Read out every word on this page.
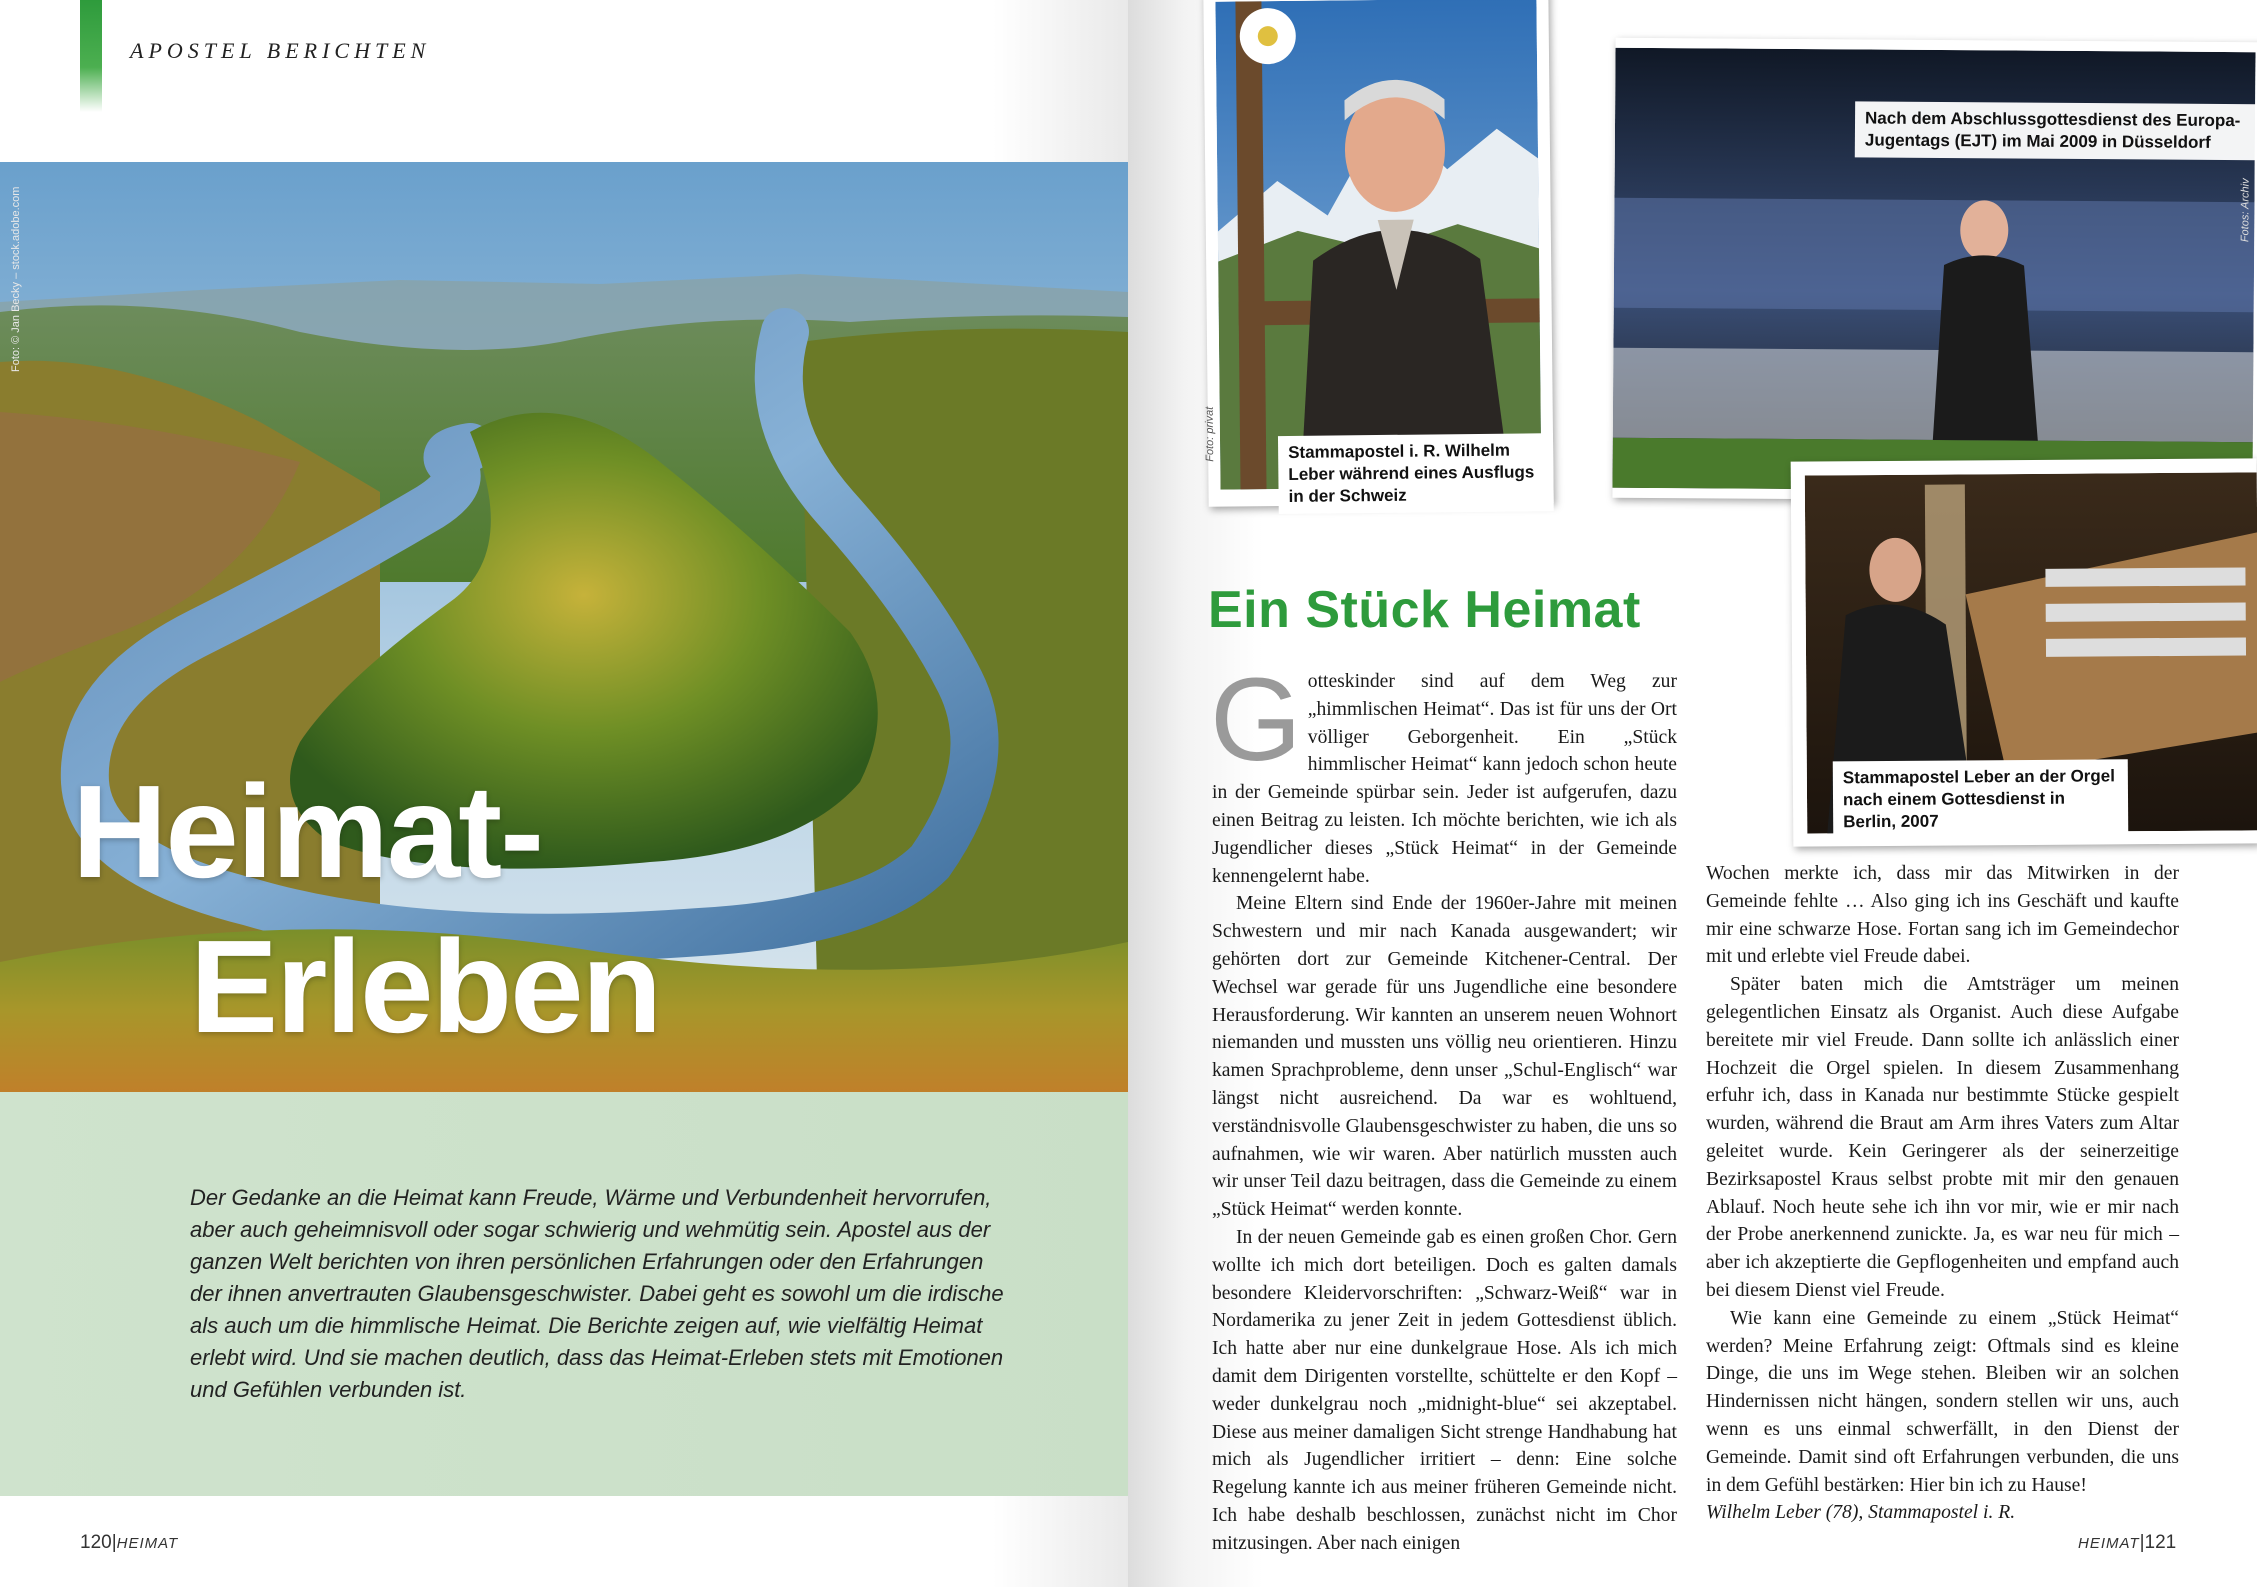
APOSTEL BERICHTEN
Foto: © Jan Becky – stock.adobe.com
Heimat-
Erleben

Der Gedanke an die Heimat kann Freude, Wärme und Verbundenheit hervorrufen, aber auch geheimnisvoll oder sogar schwierig und wehmütig sein. Apostel aus der ganzen Welt berichten von ihren persönlichen Erfahrungen oder den Erfahrungen der ihnen anvertrauten Glaubensgeschwister. Dabei geht es sowohl um die irdische als auch um die himmlische Heimat. Die Berichte zeigen auf, wie vielfältig Heimat erlebt wird. Und sie machen deutlich, dass das Heimat-Erleben stets mit Emotionen und Gefühlen verbunden ist.

120|HEIMAT
Foto: privat	Stammapostel i. R. Wilhelm Leber während eines Ausflugs in der Schweiz

Nach dem Abschlussgottesdienst des Europa-Jugentags (EJT) im Mai 2009 in Düsseldorf

Fotos: Archiv

Stammapostel Leber an der Orgel nach einem Gottesdienst in Berlin, 2007

Ein Stück Heimat

Gotteskinder sind auf dem Weg zur „himmlischen Heimat“. Das ist für uns der Ort völliger Geborgenheit. Ein „Stück himmlischer Heimat“ kann jedoch schon heute in der Gemeinde spürbar sein. Jeder ist aufgerufen, dazu einen Beitrag zu leisten. Ich möchte berichten, wie ich als Jugendlicher dieses „Stück Heimat“ in der Gemeinde kennengelernt habe.

Meine Eltern sind Ende der 1960er-Jahre mit meinen Schwestern und mir nach Kanada ausgewandert; wir gehörten dort zur Gemeinde Kitchener-Central. Der Wechsel war gerade für uns Jugendliche eine besondere Herausforderung. Wir kannten an unserem neuen Wohnort niemanden und mussten uns völlig neu orientieren. Hinzu kamen Sprachprobleme, denn unser „Schul-Englisch“ war längst nicht ausreichend. Da war es wohltuend, verständnisvolle Glaubensgeschwister zu haben, die uns so aufnahmen, wie wir waren. Aber natürlich mussten auch wir unser Teil dazu beitragen, dass die Gemeinde zu einem „Stück Heimat“ werden konnte.

In der neuen Gemeinde gab es einen großen Chor. Gern wollte ich mich dort beteiligen. Doch es galten damals besondere Kleidervorschriften: „Schwarz-Weiß“ war in Nordamerika zu jener Zeit in jedem Gottesdienst üblich. Ich hatte aber nur eine dunkelgraue Hose. Als ich mich damit dem Dirigenten vorstellte, schüttelte er den Kopf – weder dunkelgrau noch „midnight-blue“ sei akzeptabel. Diese aus meiner damaligen Sicht strenge Handhabung hat mich als Jugendlicher irritiert – denn: Eine solche Regelung kannte ich aus meiner früheren Gemeinde nicht. Ich habe deshalb beschlossen, zunächst nicht im Chor mitzusingen. Aber nach einigen

Wochen merkte ich, dass mir das Mitwirken in der Gemeinde fehlte … Also ging ich ins Geschäft und kaufte mir eine schwarze Hose. Fortan sang ich im Gemeindechor mit und erlebte viel Freude dabei.

Später baten mich die Amtsträger um meinen gelegentlichen Einsatz als Organist. Auch diese Aufgabe bereitete mir viel Freude. Dann sollte ich anlässlich einer Hochzeit die Orgel spielen. In diesem Zusammenhang erfuhr ich, dass in Kanada nur bestimmte Stücke gespielt wurden, während die Braut am Arm ihres Vaters zum Altar geleitet wurde. Kein Geringerer als der seinerzeitige Bezirksapostel Kraus selbst probte mit mir den genauen Ablauf. Noch heute sehe ich ihn vor mir, wie er mir nach der Probe anerkennend zunickte. Ja, es war neu für mich – aber ich akzeptierte die Gepflogenheiten und empfand auch bei diesem Dienst viel Freude.

Wie kann eine Gemeinde zu einem „Stück Heimat“ werden? Meine Erfahrung zeigt: Oftmals sind es kleine Dinge, die uns im Wege stehen. Bleiben wir an solchen Hindernissen nicht hängen, sondern stellen wir uns, auch wenn es uns einmal schwerfällt, in den Dienst der Gemeinde. Damit sind oft Erfahrungen verbunden, die uns in dem Gefühl bestärken: Hier bin ich zu Hause!

Wilhelm Leber (78), Stammapostel i. R.

HEIMAT|121
